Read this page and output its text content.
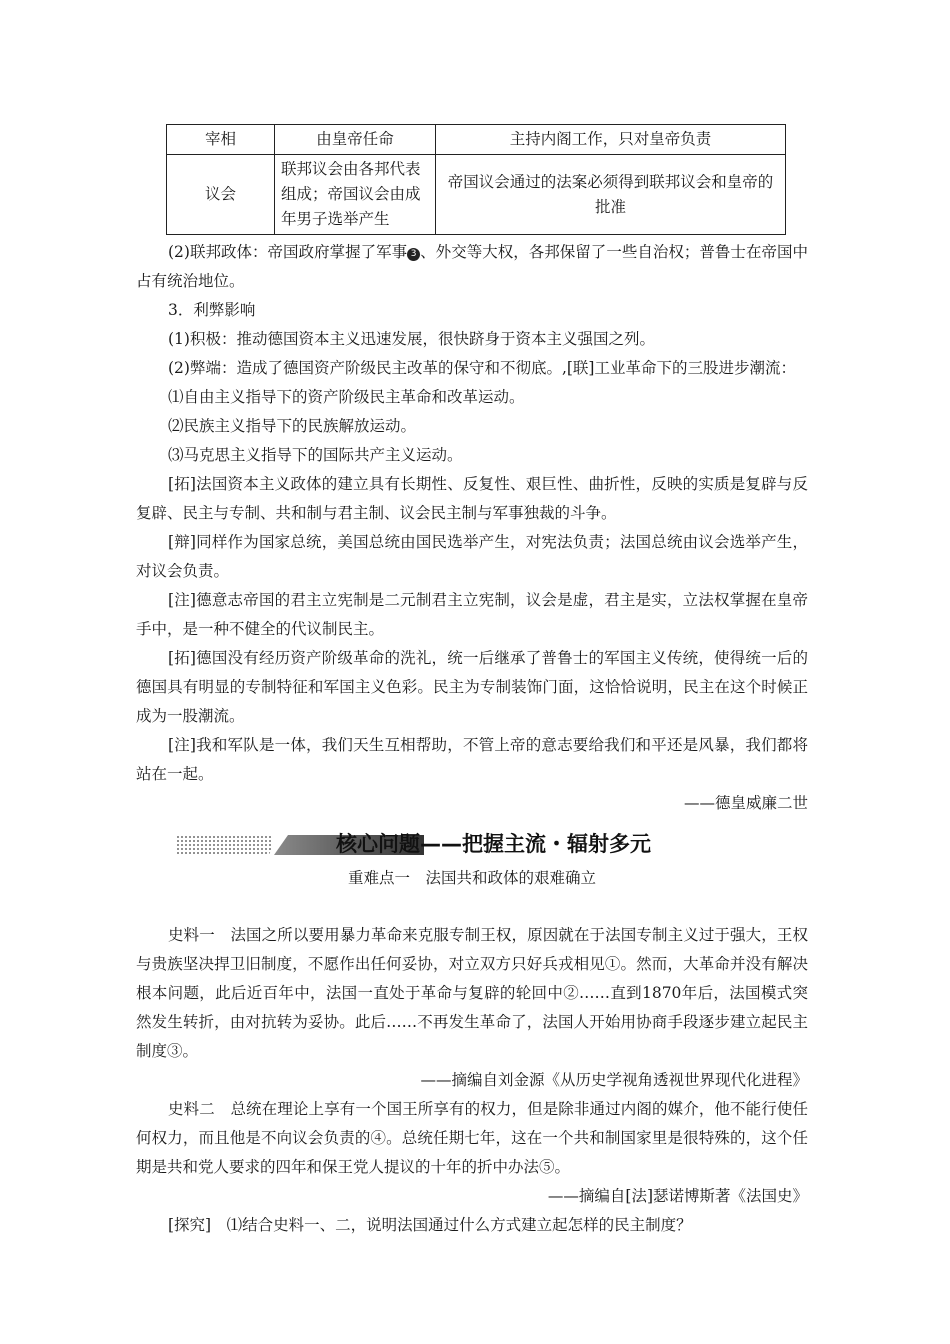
宰相	由皇帝任命	主持内阁工作，只对皇帝负责
议会	联邦议会由各邦代表组成；帝国议会由成年男子选举产生	帝国议会通过的法案必须得到联邦议会和皇帝的批准

(2)联邦政体：帝国政府掌握了军事 3 、外交等大权，各邦保留了一些自治权；普鲁士在帝国中占有统治地位。

3．利弊影响

(1)积极：推动德国资本主义迅速发展，很快跻身于资本主义强国之列。

(2)弊端：造成了德国资产阶级民主改革的保守和不彻底。,[联]工业革命下的三股进步潮流：

⑴自由主义指导下的资产阶级民主革命和改革运动。

⑵民族主义指导下的民族解放运动。

⑶马克思主义指导下的国际共产主义运动。

[拓]法国资本主义政体的建立具有长期性、反复性、艰巨性、曲折性，反映的实质是复辟与反复辟、民主与专制、共和制与君主制、议会民主制与军事独裁的斗争。

[辩]同样作为国家总统，美国总统由国民选举产生，对宪法负责；法国总统由议会选举产生，对议会负责。

[注]德意志帝国的君主立宪制是二元制君主立宪制，议会是虚，君主是实，立法权掌握在皇帝手中，是一种不健全的代议制民主。

[拓]德国没有经历资产阶级革命的洗礼，统一后继承了普鲁士的军国主义传统，使得统一后的德国具有明显的专制特征和军国主义色彩。民主为专制装饰门面，这恰恰说明，民主在这个时候正成为一股潮流。

[注]我和军队是一体，我们天生互相帮助，不管上帝的意志要给我们和平还是风暴，我们都将站在一起。

——德皇威廉二世

核心问题——把握主流・辐射多元

重难点一　法国共和政体的艰难确立

史料一　法国之所以要用暴力革命来克服专制王权，原因就在于法国专制主义过于强大，王权与贵族坚决捍卫旧制度，不愿作出任何妥协，对立双方只好兵戎相见①。然而，大革命并没有解决根本问题，此后近百年中，法国一直处于革命与复辟的轮回中②……直到1870年后，法国模式突然发生转折，由对抗转为妥协。此后……不再发生革命了，法国人开始用协商手段逐步建立起民主制度③。

——摘编自刘金源《从历史学视角透视世界现代化进程》

史料二　总统在理论上享有一个国王所享有的权力，但是除非通过内阁的媒介，他不能行使任何权力，而且他是不向议会负责的④。总统任期七年，这在一个共和制国家里是很特殊的，这个任期是共和党人要求的四年和保王党人提议的十年的折中办法⑤。

——摘编自[法]瑟诺博斯著《法国史》

[探究]　⑴结合史料一、二，说明法国通过什么方式建立起怎样的民主制度？
